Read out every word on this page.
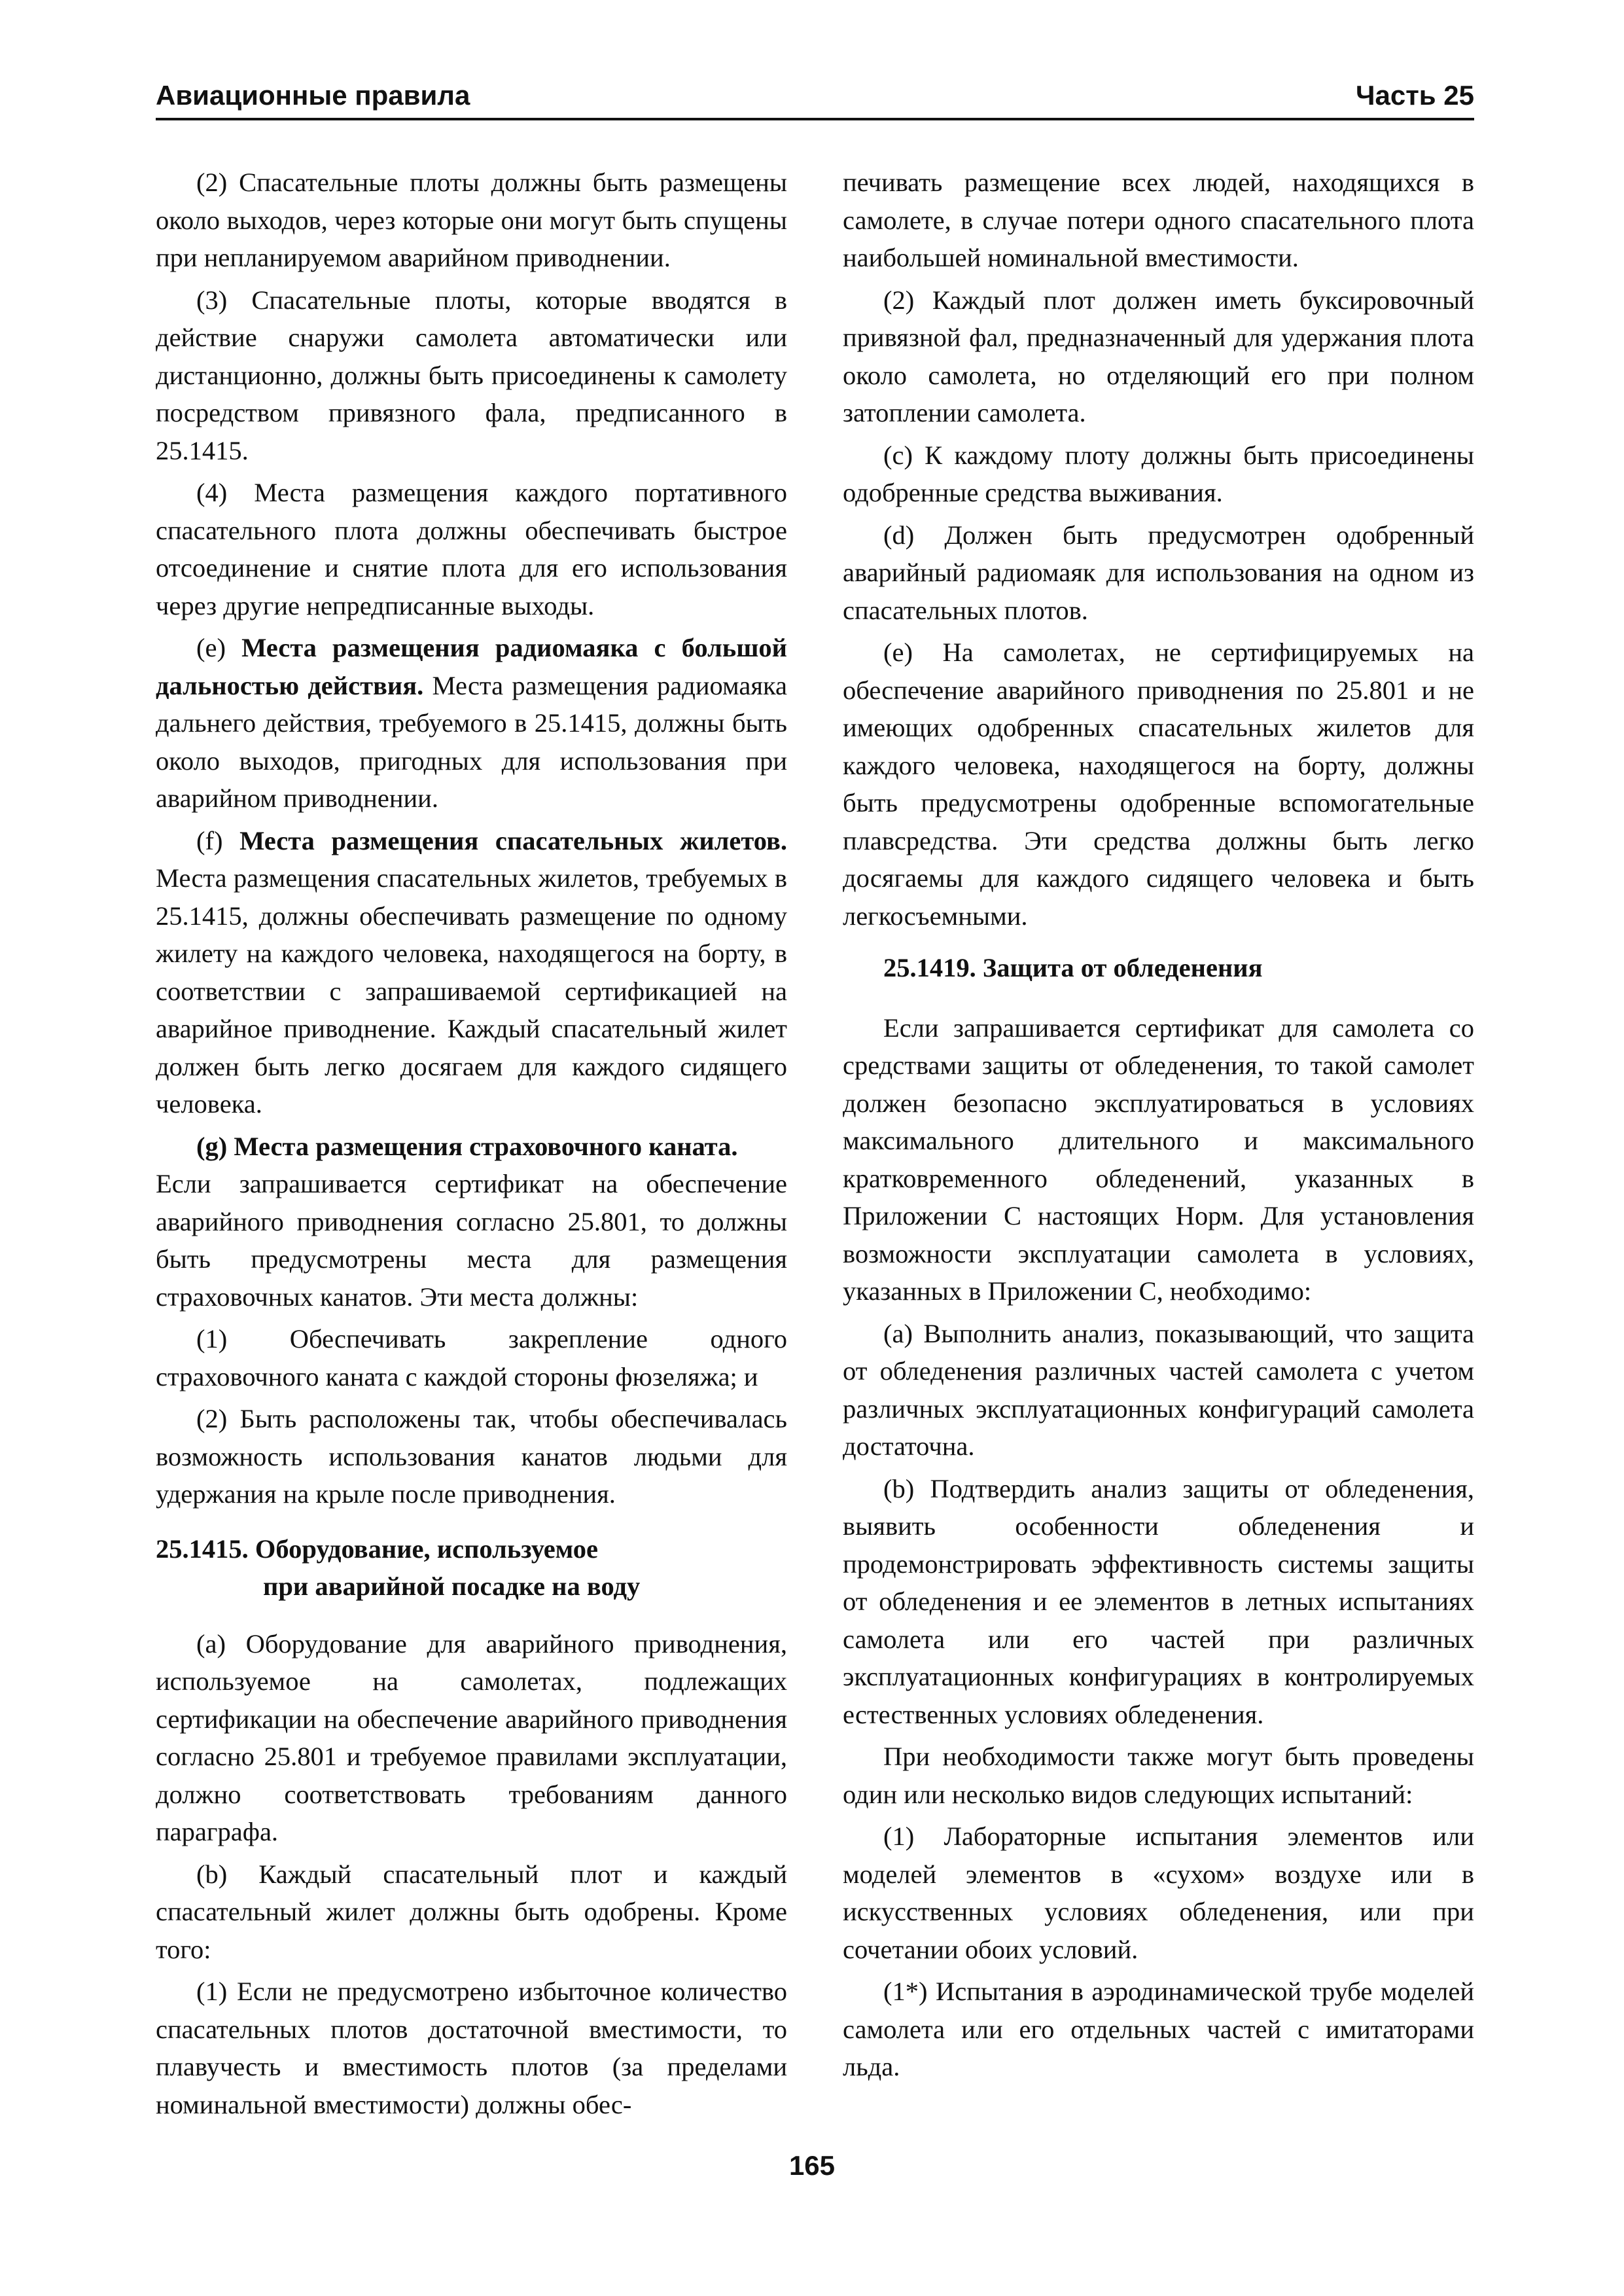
Авиационные правила	Часть 25

(2) Спасательные плоты должны быть размещены около выходов, через которые они могут быть спущены при непланируемом аварийном приводнении.

(3) Спасательные плоты, которые вводятся в действие снаружи самолета автоматически или дистанционно, должны быть присоединены к самолету посредством привязного фала, предписанного в 25.1415.

(4) Места размещения каждого портативного спасательного плота должны обеспечивать быстрое отсоединение и снятие плота для его использования через другие непредписанные выходы.

(е) Места размещения радиомаяка с большой дальностью действия. Места размещения радиомаяка дальнего действия, требуемого в 25.1415, должны быть около выходов, пригодных для использования при аварийном приводнении.

(f) Места размещения спасательных жилетов. Места размещения спасательных жилетов, требуемых в 25.1415, должны обеспечивать размещение по одному жилету на каждого человека, находящегося на борту, в соответствии с запрашиваемой сертификацией на аварийное приводнение. Каждый спасательный жилет должен быть легко досягаем для каждого сидящего человека.

(g) Места размещения страховочного каната.

Если запрашивается сертификат на обеспечение аварийного приводнения согласно 25.801, то должны быть предусмотрены места для размещения страховочных канатов. Эти места должны:

(1) Обеспечивать закрепление одного страховочного каната с каждой стороны фюзеляжа; и

(2) Быть расположены так, чтобы обеспечивалась возможность использования канатов людьми для удержания на крыле после приводнения.

25.1415. Оборудование, используемое
при аварийной посадке на воду

(а) Оборудование для аварийного приводнения, используемое на самолетах, подлежащих сертификации на обеспечение аварийного приводнения согласно 25.801 и требуемое правилами эксплуатации, должно соответствовать требованиям данного параграфа.

(b) Каждый спасательный плот и каждый спасательный жилет должны быть одобрены. Кроме того:

(1) Если не предусмотрено избыточное количество спасательных плотов достаточной вместимости, то плавучесть и вместимость плотов (за пределами номинальной вместимости) должны обес-

печивать размещение всех людей, находящихся в самолете, в случае потери одного спасательного плота наибольшей номинальной вместимости.

(2) Каждый плот должен иметь буксировочный привязной фал, предназначенный для удержания плота около самолета, но отделяющий его при полном затоплении самолета.

(с) К каждому плоту должны быть присоединены одобренные средства выживания.

(d) Должен быть предусмотрен одобренный аварийный радиомаяк для использования на одном из спасательных плотов.

(е) На самолетах, не сертифицируемых на обеспечение аварийного приводнения по 25.801 и не имеющих одобренных спасательных жилетов для каждого человека, находящегося на борту, должны быть предусмотрены одобренные вспомогательные плавсредства. Эти средства должны быть легко досягаемы для каждого сидящего человека и быть легкосъемными.

25.1419. Защита от обледенения

Если запрашивается сертификат для самолета со средствами защиты от обледенения, то такой самолет должен безопасно эксплуатироваться в условиях максимального длительного и максимального кратковременного обледенений, указанных в Приложении С настоящих Норм. Для установления возможности эксплуатации самолета в условиях, указанных в Приложении С, необходимо:

(а) Выполнить анализ, показывающий, что защита от обледенения различных частей самолета с учетом различных эксплуатационных конфигураций самолета достаточна.

(b) Подтвердить анализ защиты от обледенения, выявить особенности обледенения и продемонстрировать эффективность системы защиты от обледенения и ее элементов в летных испытаниях самолета или его частей при различных эксплуатационных конфигурациях в контролируемых естественных условиях обледенения.

При необходимости также могут быть проведены один или несколько видов следующих испытаний:

(1) Лабораторные испытания элементов или моделей элементов в «сухом» воздухе или в искусственных условиях обледенения, или при сочетании обоих условий.

(1*) Испытания в аэродинамической трубе моделей самолета или его отдельных частей с имитаторами льда.

165
